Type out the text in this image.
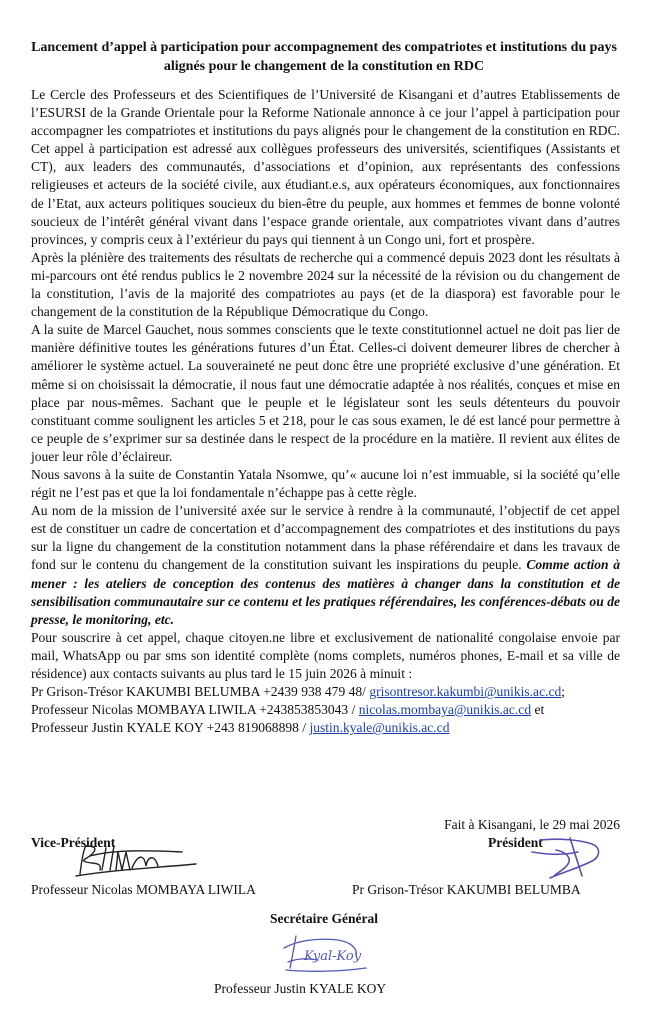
Lancement d’appel à participation pour accompagnement des compatriotes et institutions du pays alignés pour le changement de la constitution en RDC

Le Cercle des Professeurs et des Scientifiques de l’Université de Kisangani et d’autres Etablissements de l’ESURSI de la Grande Orientale pour la Reforme Nationale annonce à ce jour l’appel à participation pour accompagner les compatriotes et institutions du pays alignés pour le changement de la constitution en RDC. Cet appel à participation est adressé aux collègues professeurs des universités, scientifiques (Assistants et CT), aux leaders des communautés, d’associations et d’opinion, aux représentants des confessions religieuses et acteurs de la société civile, aux étudiant.e.s, aux opérateurs économiques, aux fonctionnaires de l’Etat, aux acteurs politiques soucieux du bien-être du peuple, aux hommes et femmes de bonne volonté soucieux de l’intérêt général vivant dans l’espace grande orientale, aux compatriotes vivant dans d’autres provinces, y compris ceux à l’extérieur du pays qui tiennent à un Congo uni, fort et prospère.

Après la plénière des traitements des résultats de recherche qui a commencé depuis 2023 dont les résultats à mi-parcours ont été rendus publics le 2 novembre 2024 sur la nécessité de la révision ou du changement de la constitution, l’avis de la majorité des compatriotes au pays (et de la diaspora) est favorable pour le changement de la constitution de la République Démocratique du Congo.

A la suite de Marcel Gauchet, nous sommes conscients que le texte constitutionnel actuel ne doit pas lier de manière définitive toutes les générations futures d’un État. Celles-ci doivent demeurer libres de chercher à améliorer le système actuel. La souveraineté ne peut donc être une propriété exclusive d’une génération. Et même si on choisissait la démocratie, il nous faut une démocratie adaptée à nos réalités, conçues et mise en place par nous-mêmes. Sachant que le peuple et le législateur sont les seuls détenteurs du pouvoir constituant comme soulignent les articles 5 et 218, pour le cas sous examen, le dé est lancé pour permettre à ce peuple de s’exprimer sur sa destinée dans le respect de la procédure en la matière. Il revient aux élites de jouer leur rôle d’éclaireur.

Nous savons à la suite de Constantin Yatala Nsomwe, qu’« aucune loi n’est immuable, si la société qu’elle régit ne l’est pas et que la loi fondamentale n’échappe pas à cette règle.

Au nom de la mission de l’université axée sur le service à rendre à la communauté, l’objectif de cet appel est de constituer un cadre de concertation et d’accompagnement des compatriotes et des institutions du pays sur la ligne du changement de la constitution notamment dans la phase référendaire et dans les travaux de fond sur le contenu du changement de la constitution suivant les inspirations du peuple. Comme action à mener : les ateliers de conception des contenus des matières à changer dans la constitution et de sensibilisation communautaire sur ce contenu et les pratiques référendaires, les conférences-débats ou de presse, le monitoring, etc.

Pour souscrire à cet appel, chaque citoyen.ne libre et exclusivement de nationalité congolaise envoie par mail, WhatsApp ou par sms son identité complète (noms complets, numéros phones, E-mail et sa ville de résidence) aux contacts suivants au plus tard le 15 juin 2026 à minuit :

Pr Grison-Trésor KAKUMBI BELUMBA +2439 938 479 48/ grisontresor.kakumbi@unikis.ac.cd;

Professeur Nicolas MOMBAYA LIWILA +243853853043 / nicolas.mombaya@unikis.ac.cd et

Professeur Justin KYALE KOY +243 819068898 / justin.kyale@unikis.ac.cd

Fait à Kisangani, le 29 mai 2026
Vice-Président	Président
Professeur Nicolas MOMBAYA LIWILA	Pr Grison-Trésor KAKUMBI BELUMBA
Secrétaire Général
Kyal-Koy
Professeur Justin KYALE KOY
